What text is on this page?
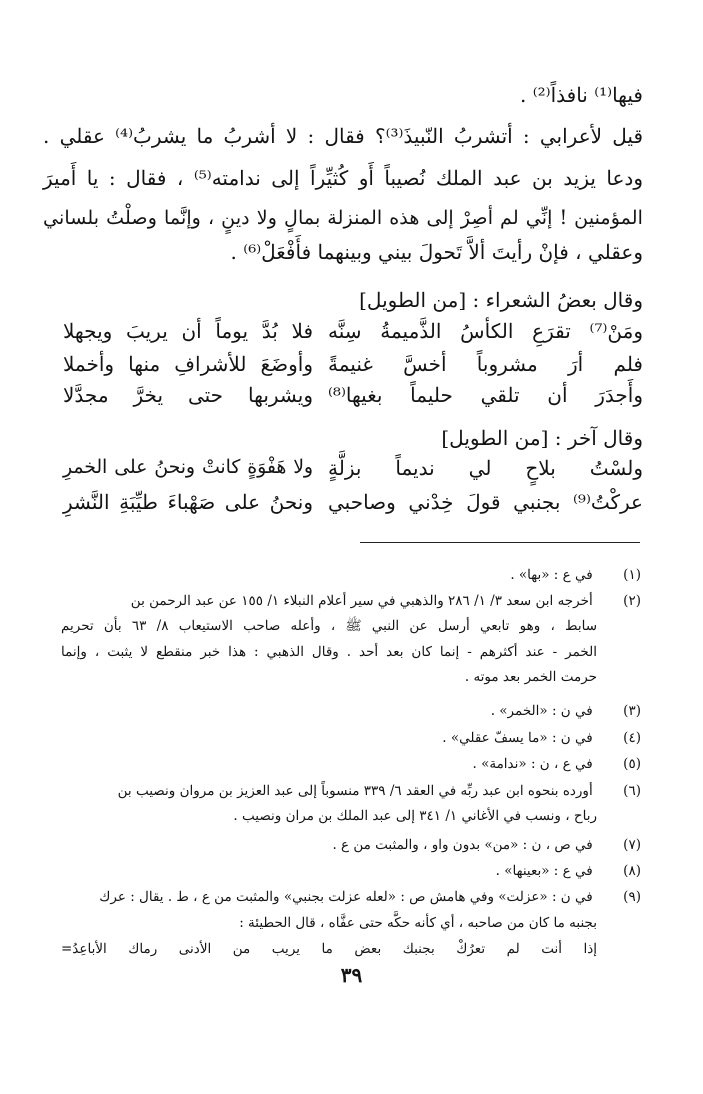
فيها⁽¹⁾ نافذاً⁽²⁾ .
قيل لأعرابي : أتشربُ النّبيذَ⁽³⁾؟ فقال : لا أشربُ ما يشربُ⁽⁴⁾ عقلي .
ودعا يزيد بن عبد الملك نُصيباً أَو كُثيِّراً إلى ندامته⁽⁵⁾ ، فقال : يا أَميرَ
المؤمنين ! إنِّي لم أصِرْ إلى هذه المنزلة بمالٍ ولا دينٍ ، وإنَّما وصلْتُ بلساني
وعقلي ، فإنْ رأيتَ ألاَّ تَحولَ بيني وبينهما فأَفْعَلْ⁽⁶⁾ .
وقال بعضُ الشعراء : [من الطويل]
ومَنْ⁽⁷⁾ تقرَعِ الكأسُ الذَّميمةُ سِنَّه
فلا بُدَّ يوماً أن يريبَ ويجهلا
فلم أرَ مشروباً أخسَّ غنيمةً
وأوضَعَ للأشرافِ منها وأخملا
وأَجدَرَ أن تلقي حليماً بغيها⁽⁸⁾
ويشربها حتى يخرَّ مجدَّلا
وقال آخر : [من الطويل]
ولسْتُ بلاحٍ لي نديماً بزلَّةٍ
ولا هَفْوَةٍ كانتْ ونحنُ على الخمرِ
عركْتُ⁽⁹⁾ بجنبي قولَ خِدْني وصاحبي
ونحنُ على صَهْباءَ طيِّبَةِ النَّشرِ
(١) في ع : «بها» .
(٢) أخرجه ابن سعد ٣/ ١/ ٢٨٦ والذهبي في سير أعلام النبلاء ١/ ١٥٥ عن عبد الرحمن بن
سابط ، وهو تابعي أرسل عن النبي ﷺ ، وأعله صاحب الاستيعاب ٨/ ٦٣ بأن تحريم
الخمر - عند أكثرهم - إنما كان بعد أحد . وقال الذهبي : هذا خبر منقطع لا يثبت ، وإنما
حرمت الخمر بعد موته .
(٣) في ن : «الخمر» .
(٤) في ن : «ما يسفّ عقلي» .
(٥) في ع ، ن : «ندامة» .
(٦) أورده بنحوه ابن عبد ربِّه في العقد ٦/ ٣٣٩ منسوباً إلى عبد العزيز بن مروان ونصيب بن
رباح ، ونسب في الأغاني ١/ ٣٤١ إلى عبد الملك بن مران ونصيب .
(٧) في ص ، ن : «من» بدون واو ، والمثبت من ع .
(٨) في ع : «بعينها» .
(٩) في ن : «عزلت» وفي هامش ص : «لعله عزلت بجنبي» والمثبت من ع ، ط . يقال : عرك
بجنبه ما كان من صاحبه ، أي كأنه حكَّه حتى عفَّاه ، قال الحطيئة :
إذا أنت لم تعرُكْ بجنبك بعض ما يريب من الأدنى رماك الأباعِدُ=
٣٩
